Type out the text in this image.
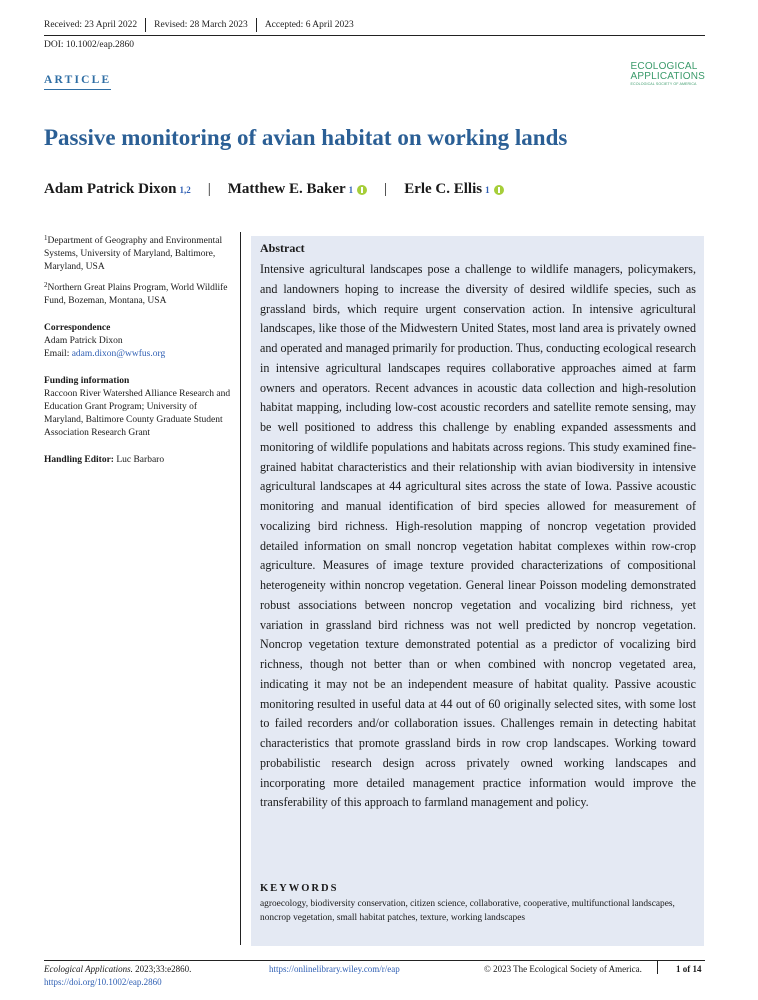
Received: 23 April 2022	Revised: 28 March 2023	Accepted: 6 April 2023
DOI: 10.1002/eap.2860
ECOLOGICAL
APPLICATIONS
ECOLOGICAL SOCIETY OF AMERICA
ARTICLE
Passive monitoring of avian habitat on working lands
Adam Patrick Dixon 1,2 | Matthew E. Baker 1 | Erle C. Ellis 1

$^1$Department of Geography and Environmental Systems, University of Maryland, Baltimore, Maryland, USA

$^2$Northern Great Plains Program, World Wildlife Fund, Bozeman, Montana, USA

Correspondence
Adam Patrick Dixon
Email: adam.dixon@wwfus.org
Funding information
Raccoon River Watershed Alliance Research and Education Grant Program; University of Maryland, Baltimore County Graduate Student Association Research Grant
Handling Editor: Luc Barbaro
Abstract
Intensive agricultural landscapes pose a challenge to wildlife managers, policymakers, and landowners hoping to increase the diversity of desired wildlife species, such as grassland birds, which require urgent conservation action. In intensive agricultural landscapes, like those of the Midwestern United States, most land area is privately owned and operated and managed primarily for production. Thus, conducting ecological research in intensive agricultural landscapes requires collaborative approaches aimed at farm owners and operators. Recent advances in acoustic data collection and high-resolution habitat mapping, including low-cost acoustic recorders and satellite remote sensing, may be well positioned to address this challenge by enabling expanded assessments and monitoring of wildlife populations and habitats across regions. This study examined fine-grained habitat characteristics and their relationship with avian biodiversity in intensive agricultural landscapes at 44 agricultural sites across the state of Iowa. Passive acoustic monitoring and manual identification of bird species allowed for measurement of vocalizing bird richness. High-resolution mapping of noncrop vegetation provided detailed information on small noncrop vegetation habitat complexes within row-crop agriculture. Measures of image texture provided characterizations of compositional heterogeneity within noncrop vegetation. General linear Poisson modeling demonstrated robust associations between noncrop vegetation and vocalizing bird richness, yet variation in grassland bird richness was not well predicted by noncrop vegetation. Noncrop vegetation texture demonstrated potential as a predictor of vocalizing bird richness, though not better than or when combined with noncrop vegetated area, indicating it may not be an independent measure of habitat quality. Passive acoustic monitoring resulted in useful data at 44 out of 60 originally selected sites, with some lost to failed recorders and/or collaboration issues. Challenges remain in detecting habitat characteristics that promote grassland birds in row crop landscapes. Working toward probabilistic research design across privately owned working landscapes and incorporating more detailed management practice information would improve the transferability of this approach to farmland management and policy.
KEYWORDS
agroecology, biodiversity conservation, citizen science, collaborative, cooperative, multifunctional landscapes, noncrop vegetation, small habitat patches, texture, working landscapes
Ecological Applications. 2023;33:e2860.
https://doi.org/10.1002/eap.2860
https://onlinelibrary.wiley.com/r/eap	© 2023 The Ecological Society of America.	1 of 14
